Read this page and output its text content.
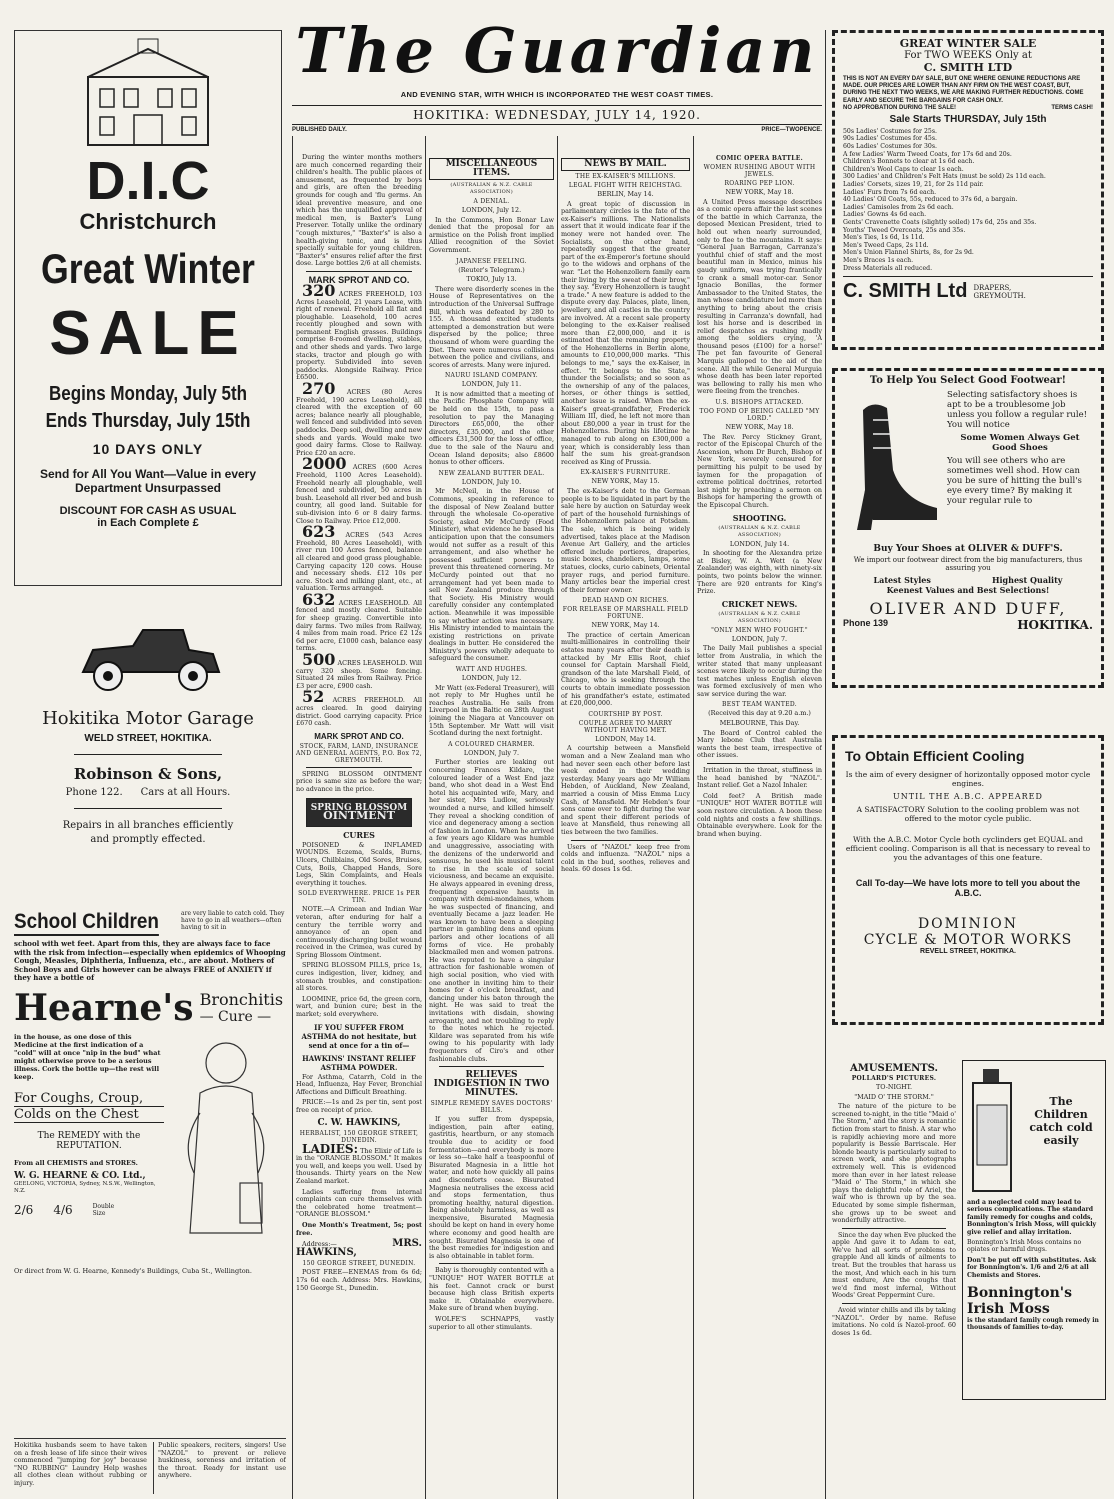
The Guardian
AND EVENING STAR, WITH WHICH IS INCORPORATED THE WEST COAST TIMES.
HOKITIKA: WEDNESDAY, JULY 14, 1920.
PUBLISHED DAILY.	PRICE—TWOPENCE.
D.I.C
Christchurch
Great Winter
SALE
Begins Monday, July 5th
Ends Thursday, July 15th
10 DAYS ONLY
Send for All You Want—Value in every
Department Unsurpassed
DISCOUNT FOR CASH AS USUAL
in Each Complete £
Hokitika Motor Garage
WELD STREET, HOKITIKA.
Robinson & Sons,
Phone 122. Cars at all Hours.
Repairs in all branches efficiently and promptly effected.
School Children	are very liable to catch cold. They have to go in all weathers—often having to sit in
school with wet feet. Apart from this, they are always face to face with the risk from infection—especially when epidemics of Whooping Cough, Measles, Diphtheria, Influenza, etc., are about. Mothers of School Boys and Girls however can be always FREE of ANXIETY if they have a bottle of
Hearne's Bronchitis
— Cure —
in the house, as one dose of this Medicine at the first indication of a "cold" will at once "nip in the bud" what might otherwise prove to be a serious illness. Cork the bottle up—the rest will keep.
For Coughs, Croup,
Colds on the Chest
The REMEDY with the
REPUTATION.
From all CHEMISTS and STORES.
W. G. HEARNE & CO. Ltd.,
GEELONG, VICTORIA, Sydney, N.S.W., Wellington, N.Z.
2/6 4/6	Double Size
Or direct from W. G. Hearne, Kennedy's Buildings, Cuba St., Wellington.
Hokitika husbands seem to have taken on a fresh lease of life since their wives commenced "jumping for joy" because "NO RUBBING" Laundry Help washes all clothes clean without rubbing or injury.
Public speakers, reciters, singers! Use "NAZOL" to prevent or relieve huskiness, soreness and irritation of the throat. Ready for instant use anywhere.

During the winter months mothers are much concerned regarding their children's health. The public places of amusement, as frequented by boys and girls, are often the breeding grounds for cough and 'flu germs. An ideal preventive measure, and one which has the unqualified approval of medical men, is Baxter's Lung Preserver. Totally unlike the ordinary "cough mixtures," "Baxter's" is also a health-giving tonic, and is thus specially suitable for young children. "Baxter's" ensures relief after the first dose. Large bottles 2/6 at all chemists.

MARK SPROT AND CO.

320 ACRES FREEHOLD, 103 Acres Leasehold, 21 years Lease, with right of renewal. Freehold all flat and ploughable. Leasehold, 100 acres recently ploughed and sown with permanent English grasses. Buildings comprise 8-roomed dwelling, stables, and other sheds and yards. Two large stacks, tractor and plough go with property. Subdivided into seven paddocks. Alongside Railway. Price £6500.

270 ACRES (80 Acres Freehold, 190 acres Leasehold), all cleared with the exception of 60 acres; balance nearly all ploughable, well fenced and subdivided into seven paddocks. Deep soil, dwelling and new sheds and yards. Would make two good dairy farms. Close to Railway. Price £20 an acre.

2000 ACRES (600 Acres Freehold, 1100 Acres Leasehold). Freehold nearly all ploughable, well fenced and subdivided, 50 acres in bush. Leasehold all river bed and bush country, all good land. Suitable for sub-division into 6 or 8 dairy farms. Close to Railway. Price £12,000.

623 ACRES (543 Acres Freehold, 80 Acres Leasehold), with river run 100 Acres fenced, balance all cleared and good grass ploughable. Carrying capacity 120 cows. House and necessary sheds. £12 10s per acre. Stock and milking plant, etc., at valuation. Terms arranged.

632 ACRES LEASEHOLD. All fenced and mostly cleared. Suitable for sheep grazing. Convertible into dairy farms. Two miles from Railway, 4 miles from main road. Price £2 12s 6d per acre, £1000 cash, balance easy terms.

500 ACRES LEASEHOLD. Will carry 320 sheep. Some fencing. Situated 24 miles from Railway. Price £3 per acre, £900 cash.

52 ACRES FREEHOLD. All acres cleared. In good dairying district. Good carrying capacity. Price £670 cash.

MARK SPROT AND CO.
STOCK, FARM, LAND, INSURANCE AND GENERAL AGENTS, P.O. Box 72, GREYMOUTH.

SPRING BLOSSOM OINTMENT price is same size as before the war; no advance in the price.

SPRING BLOSSOM
OINTMENT
CURES

POISONED & INFLAMED WOUNDS. Eczema, Scalds, Burns, Ulcers, Chilblains, Old Sores, Bruises, Cuts, Boils, Chapped Hands, Sore Legs, Skin Complaints, and Heals everything it touches.

SOLD EVERYWHERE. PRICE 1s PER TIN.

NOTE.—A Crimean and Indian War veteran, after enduring for half a century the terrible worry and annoyance of an open and continuously discharging bullet wound received in the Crimea, was cured by Spring Blossom Ointment.

SPRING BLOSSOM PILLS, price 1s, cures indigestion, liver, kidney, and stomach troubles, and constipation: all stores.

LOOMINE, price 6d, the green corn, wart, and bunion cure; best in the market; sold everywhere.

IF YOU SUFFER FROM ASTHMA do not hesitate, but send at once for a tin of—
HAWKINS' INSTANT RELIEF ASTHMA POWDER.

For Asthma, Catarrh, Cold in the Head, Influenza, Hay Fever, Bronchial Affections and Difficult Breathing.

PRICE:—1s and 2s per tin, sent post free on receipt of price.

C. W. HAWKINS,
HERBALIST, 150 GEORGE STREET, DUNEDIN.

LADIES: The Elixir of Life is in the "ORANGE BLOSSOM." It makes you well, and keeps you well. Used by thousands. Thirty years on the New Zealand market.

Ladies suffering from internal complaints can cure themselves with the celebrated home treatment— "ORANGE BLOSSOM."

One Month's Treatment, 5s; post free.

Address:—	MRS. HAWKINS,

150 GEORGE STREET, DUNEDIN.

POST FREE—ENEMAS from 6s 6d; 17s 6d each. Address: Mrs. Hawkins, 150 George St., Dunedin.

MISCELLANEOUS ITEMS.
(AUSTRALIAN & N.Z. CABLE ASSOCIATION)
A DENIAL.
LONDON, July 12.

In the Commons, Hon Bonar Law denied that the proposal for an armistice on the Polish front implied Allied recognition of the Soviet Government.

JAPANESE FEELING.
(Reuter's Telegram.)
TOKIO, July 13.

There were disorderly scenes in the House of Representatives on the introduction of the Universal Suffrage Bill, which was defeated by 280 to 155. A thousand excited students attempted a demonstration but were dispersed by the police; three thousand of whom were guarding the Diet. There were numerous collisions between the police and civilians, and scores of arrests. Many were injured.

NAURU ISLAND COMPANY.
LONDON, July 11.

It is now admitted that a meeting of the Pacific Phosphate Company will be held on the 15th, to pass a resolution to pay the Managing Directors £65,000, the other directors, £35,000, and the other officers £31,500 for the loss of office, due to the sale of the Nauru and Ocean Island deposits; also £8600 honus to other officers.

NEW ZEALAND BUTTER DEAL.
LONDON, July 10.

Mr McNeil, in the House of Commons, speaking in reference to the disposal of New Zealand butter through the wholesale Co-operative Society, asked Mr McCurdy (Food Minister), what evidence he based his anticipation upon that the consumers would not suffer as a result of this arrangement, and also whether he possessed sufficient powers to prevent this threatened cornering. Mr McCurdy pointed out that no arrangement had yet been made to sell New Zealand produce through that Society. His Ministry would carefully consider any contemplated action. Meanwhile it was impossible to say whether action was necessary. His Ministry intended to maintain the existing restrictions on private dealings in butter. He considered the Ministry's powers wholly adequate to safeguard the consumer.

WATT AND HUGHES.
LONDON, July 12.

Mr Watt (ex-Federal Treasurer), will not reply to Mr Hughes until he reaches Australia. He sails from Liverpool in the Baltic on 28th August joining the Niagara at Vancouver on 15th September. Mr Watt will visit Scotland during the next fortnight.

A COLOURED CHARMER.
LONDON, July 7.

Further stories are leaking out concerning Frances Kildare, the coloured leader of a West End jazz band, who shot dead in a West End hotel his acquainted wife, Mary, and her sister, Mrs Ludlow, seriously wounded a nurse, and killed himself. They reveal a shocking condition of vice and degeneracy among a section of fashion in London. When he arrived a few years ago Kildare was humble and unaggressive, associating with the denizens of the underworld and sensuous, he used his musical talent to rise in the scale of social viciousness, and became an exquisite. He always appeared in evening dress, frequenting expensive haunts in company with demi-mondaines, whom he was suspected of financing, and eventually became a jazz leader. He was known to have been a sleeping partner in gambling dens and opium parlors and other locations of all forms of vice. He probably blackmailed men and women patrons. He was reputed to have a singular attraction for fashionable women of high social position, who vied with one another in inviting him to their homes for 4 o'clock breakfast, and dancing under his baton through the night. He was said to treat the invitations with disdain, showing arrogantly, and not troubling to reply to the notes which he rejected. Kildare was separated from his wife owing to his popularity with lady frequenters of Ciro's and other fashionable clubs.

RELIEVES INDIGESTION IN TWO MINUTES.
SIMPLE REMEDY SAVES DOCTORS' BILLS.

If you suffer from dyspepsia, indigestion, pain after eating, gastritis, heartburn, or any stomach trouble due to acidity or food fermentation—and everybody is more or less so—take half a teaspoonful of Bisurated Magnesia in a little hot water, and note how quickly all pains and discomforts cease. Bisurated Magnesia neutralises the excess acid and stops fermentation, thus promoting healthy, natural digestion. Being absolutely harmless, as well as inexpensive, Bisurated Magnesia should be kept on hand in every home where economy and good health are sought. Bisurated Magnesia is one of the best remedies for indigestion and is also obtainable in tablet form.

Baby is thoroughly contented with a "UNIQUE" HOT WATER BOTTLE at his feet. Cannot crack or burst because high class British experts make it. Obtainable everywhere. Make sure of brand when buying.

WOLFE'S SCHNAPPS, vastly superior to all other stimulants.

NEWS BY MAIL.
THE EX-KAISER'S MILLIONS.
LEGAL FIGHT WITH REICHSTAG.
BERLIN, May 14.

A great topic of discussion in parliamentary circles is the fate of the ex-Kaiser's millions. The Nationalists assert that it would indicate fear if the money were not handed over. The Socialists, on the other hand, repeatedly suggest that the greater part of the ex-Emperor's fortune should go to the widows and orphans of the war. "Let the Hohenzollern family earn their living by the sweat of their brow," they say. "Every Hohenzollern is taught a trade." A new feature is added to the dispute every day. Palaces, plate, linen, jewellery, and all castles in the country are involved. At a recent sale property belonging to the ex-Kaiser realised more than £2,000,000, and it is estimated that the remaining property of the Hohenzollerns in Berlin alone, amounts to £10,000,000 marks. "This belongs to me," says the ex-Kaiser, in effect. "It belongs to the State," thunder the Socialists; and so soon as the ownership of any of the palaces, horses, or other things is settled, another issue is raised. When the ex-Kaiser's great-grandfather, Frederick William III, died, he left not more than about £80,000 a year in trust for the Hohenzollerns. During his lifetime he managed to rub along on £300,000 a year, which is considerably less than half the sum his great-grandson received as King of Prussia.

EX-KAISER'S FURNITURE.
NEW YORK, May 15.

The ex-Kaiser's debt to the German people is to be liquidated in part by the sale here by auction on Saturday week of part of the household furnishings of the Hohenzollern palace at Potsdam. The sale, which is being widely advertised, takes place at the Madison Avenue Art Gallery, and the articles offered include portieres, draperies, music boxes, chandeliers, lamps, some statues, clocks, curio cabinets, Oriental prayer rugs, and period furniture. Many articles bear the imperial crest of their former owner.

DEAD HAND ON RICHES.
FOR RELEASE OF MARSHALL FIELD FORTUNE.
NEW YORK, May 14.

The practice of certain American multi-millionaires in controlling their estates many years after their death is attacked by Mr Ellis Root, chief counsel for Captain Marshall Field, grandson of the late Marshall Field, of Chicago, who is seeking through the courts to obtain immediate possession of his grandfather's estate, estimated at £20,000,000.

COURTSHIP BY POST.
COUPLE AGREE TO MARRY WITHOUT HAVING MET.
LONDON, May 14.

A courtship between a Mansfield woman and a New Zealand man who had never seen each other before last week ended in their wedding yesterday. Many years ago Mr William Hebden, of Auckland, New Zealand, married a cousin of Miss Emma Lucy Cash, of Mansfield. Mr Hebden's four sons came over to fight during the war and spent their different periods of leave at Mansfield, thus renewing all ties between the two families.

Users of "NAZOL" keep free from colds and influenza. "NAZOL" nips a cold in the bud, soothes, relieves and heals. 60 doses 1s 6d.

COMIC OPERA BATTLE.
WOMEN RUSHING ABOUT WITH JEWELS.
ROARING PEP LION.
NEW YORK, May 18.

A United Press message describes as a comic opera affair the last scenes of the battle in which Carranza, the deposed Mexican President, tried to hold out when nearly surrounded, only to flee to the mountains. It says: "General Juan Barragan, Carranza's youthful chief of staff and the most beautiful man in Mexico, minus his gaudy uniform, was trying frantically to crank a small motor-car. Senor Ignacio Bonillas, the former Ambassador to the United States, the man whose candidature led more than anything to bring about the crisis resulting in Carranza's downfall, had lost his horse and is described in relief despatches as rushing madly among the soldiers crying, 'A thousand pesos (£100) for a horse!' The pet fan favourite of General Marquis galloped to the aid of the scene. All the while General Murguia whose death has been later reported was bellowing to rally his men who were fleeing from the trenches.

U.S. BISHOPS ATTACKED.
TOO FOND OF BEING CALLED "MY LORD."
NEW YORK, May 18.

The Rev. Percy Stickney Grant, rector of the Episcopal Church of the Ascension, whom Dr Burch, Bishop of New York, severely censured for permitting his pulpit to be used by laymen for the propagation of extreme political doctrines, retorted last night by preaching a sermon on Bishops for hampering the growth of the Episcopal Church.

SHOOTING.
(AUSTRALIAN & N.Z. CABLE ASSOCIATION)
LONDON, July 14.

In shooting for the Alexandra prize at Bisley, W. A. Wett (a New Zealander) was eighth, with ninety-six points, two points below the winner. There are 920 entrants for King's Prize.

CRICKET NEWS.
(AUSTRALIAN & N.Z. CABLE ASSOCIATION)
"ONLY MEN WHO FOUGHT."
LONDON, July 7.

The Daily Mail publishes a special letter from Australia, in which the writer stated that many unpleasant scenes were likely to occur during the test matches unless English eleven was formed exclusively of men who saw service during the war.

BEST TEAM WANTED.
(Received this day at 9.20 a.m.)
MELBOURNE, This Day.

The Board of Control cabled the Mary lebone Club that Australia wants the best team, irrespective of other issues.

Irritation in the throat, stuffiness in the head banished by "NAZOL". Instant relief. Get a Nazol Inhaler.

Cold feet? A British made "UNIQUE" HOT WATER BOTTLE will soon restore circulation. A boon these cold nights and costs a few shillings. Obtainable everywhere. Look for the brand when buying.

GREAT WINTER SALE
For TWO WEEKS Only at
C. SMITH LTD
THIS IS NOT AN EVERY DAY SALE, BUT ONE WHERE GENUINE REDUCTIONS ARE MADE. OUR PRICES ARE LOWER THAN ANY FIRM ON THE WEST COAST, BUT, DURING THE NEXT TWO WEEKS, WE ARE MAKING FURTHER REDUCTIONS. COME EARLY AND SECURE THE BARGAINS FOR CASH ONLY.
NO APPROBATION DURING THE SALE!	TERMS CASH!
Sale Starts THURSDAY, July 15th
50s Ladies' Costumes for 25s.
90s Ladies' Costumes for 45s.
60s Ladies' Costumes for 30s.
A few Ladies' Warm Tweed Coats, for 17s 6d and 20s.
Children's Bonnets to clear at 1s 6d each.
Children's Wool Caps to clear 1s each.
300 Ladies' and Children's Felt Hats (must be sold) 2s 11d each.
Ladies' Corsets, sizes 19, 21, for 2s 11d pair.
Ladies' Furs from 7s 6d each.
40 Ladies' Oil Coats, 55s, reduced to 37s 6d, a bargain.
Ladies' Camisoles from 2s 6d each.
Ladies' Gowns 4s 6d each.
Gents' Cravenette Coats (slightly soiled) 17s 6d, 25s and 35s.
Youths' Tweed Overcoats, 25s and 35s.
Men's Ties, 1s 6d, 1s 11d.
Men's Tweed Caps, 2s 11d.
Men's Union Flannel Shirts, 8s, for 2s 9d.
Men's Braces 1s each.
Dress Materials all reduced.
C. SMITH Ltd DRAPERS,
GREYMOUTH.
To Help You Select Good Footwear!
Selecting satisfactory shoes is apt to be a troublesome job unless you follow a regular rule! You will notice
Some Women Always Get Good Shoes
You will see others who are sometimes well shod. How can you be sure of hitting the bull's eye every time? By making it your regular rule to
Buy Your Shoes at OLIVER & DUFF'S.
We import our footwear direct from the big manufacturers, thus assuring you
Latest Styles	Highest Quality
Keenest Values and Best Selections!
OLIVER AND DUFF,
Phone 139	HOKITIKA.
To Obtain Efficient Cooling
Is the aim of every designer of horizontally opposed motor cycle engines.
UNTIL THE A.B.C. APPEARED
A SATISFACTORY Solution to the cooling problem was not offered to the motor cycle public.
With the A.B.C. Motor Cycle both cyclinders get EQUAL and efficient cooling. Comparison is all that is necessary to reveal to you the advantages of this one feature.
Call To-day—We have lots more to tell you about the A.B.C.
DOMINION
CYCLE & MOTOR WORKS
REVELL STREET, HOKITIKA.
AMUSEMENTS.
POLLARD'S PICTURES.
TO-NIGHT.
"MAID O' THE STORM."

The nature of the picture to be screened to-night, in the title "Maid o' The Storm," and the story is romantic fiction from start to finish. A star who is rapidly achieving more and more popularity is Bessie Barriscale. Her blonde beauty is particularly suited to screen work, and she photographs extremely well. This is evidenced more than ever in her latest release "Maid o' The Storm," in which she plays the delightful role of Ariel, the waif who is thrown up by the sea. Educated by some simple fisherman, she grows up to be sweet and wonderfully attractive.

Since the day when Eve plucked the apple And gave it to Adam to eat, We've had all sorts of problems to grapple And all kinds of ailments to treat. But the troubles that harass us the most, And which each in his turn must endure, Are the coughs that we'd find most infernal, Without Woods' Great Peppermint Cure.

Avoid winter chills and ills by taking "NAZOL". Order by name. Refuse imitations. No cold is Nazol-proof. 60 doses 1s 6d.

The Children catch cold easily
and a neglected cold may lead to serious complications. The standard family remedy for coughs and colds, Bonnington's Irish Moss, will quickly give relief and allay irritation.
Bonnington's Irish Moss contains no opiates or harmful drugs.
Don't be put off with substitutes. Ask for Bonnington's. 1/6 and 2/6 at all Chemists and Stores.
Bonnington's
Irish Moss
is the standard family cough remedy in thousands of families to-day.
